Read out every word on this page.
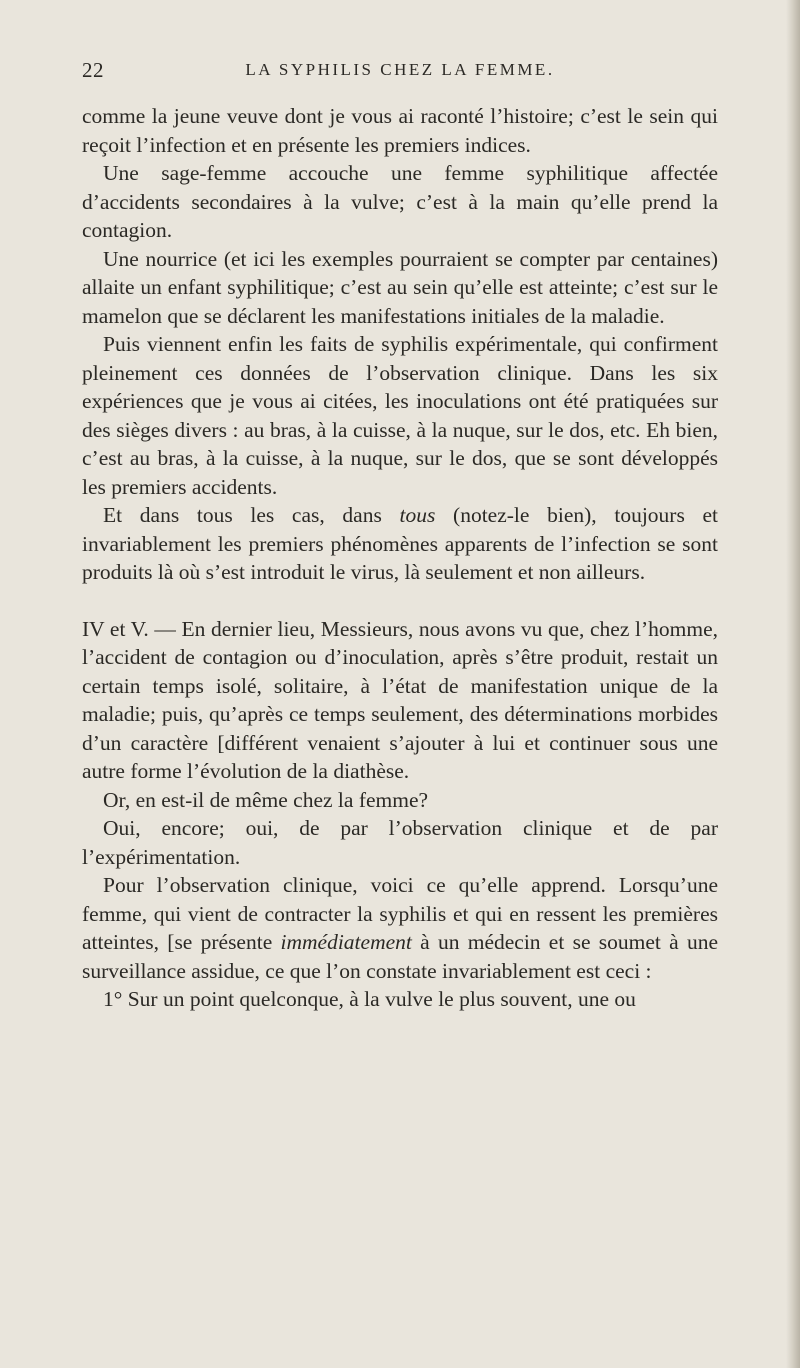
22	LA SYPHILIS CHEZ LA FEMME.

comme la jeune veuve dont je vous ai raconté l’histoire; c’est le sein qui reçoit l’infection et en présente les premiers indices.

Une sage-femme accouche une femme syphilitique affectée d’accidents secondaires à la vulve; c’est à la main qu’elle prend la contagion.

Une nourrice (et ici les exemples pourraient se compter par centaines) allaite un enfant syphilitique; c’est au sein qu’elle est atteinte; c’est sur le mamelon que se déclarent les manifestations initiales de la maladie.

Puis viennent enfin les faits de syphilis expérimentale, qui confirment pleinement ces données de l’observation clinique. Dans les six expériences que je vous ai citées, les inoculations ont été pratiquées sur des sièges divers : au bras, à la cuisse, à la nuque, sur le dos, etc. Eh bien, c’est au bras, à la cuisse, à la nuque, sur le dos, que se sont développés les premiers accidents.

Et dans tous les cas, dans tous (notez-le bien), toujours et invariablement les premiers phénomènes apparents de l’infection se sont produits là où s’est introduit le virus, là seulement et non ailleurs.

IV et V. — En dernier lieu, Messieurs, nous avons vu que, chez l’homme, l’accident de contagion ou d’inoculation, après s’être produit, restait un certain temps isolé, solitaire, à l’état de manifestation unique de la maladie; puis, qu’après ce temps seulement, des déterminations morbides d’un caractère [différent venaient s’ajouter à lui et continuer sous une autre forme l’évolution de la diathèse.

Or, en est-il de même chez la femme?

Oui, encore; oui, de par l’observation clinique et de par l’expérimentation.

Pour l’observation clinique, voici ce qu’elle apprend. Lorsqu’une femme, qui vient de contracter la syphilis et qui en ressent les premières atteintes, [se présente immédiatement à un médecin et se soumet à une surveillance assidue, ce que l’on constate invariablement est ceci :

1° Sur un point quelconque, à la vulve le plus souvent, une ou
